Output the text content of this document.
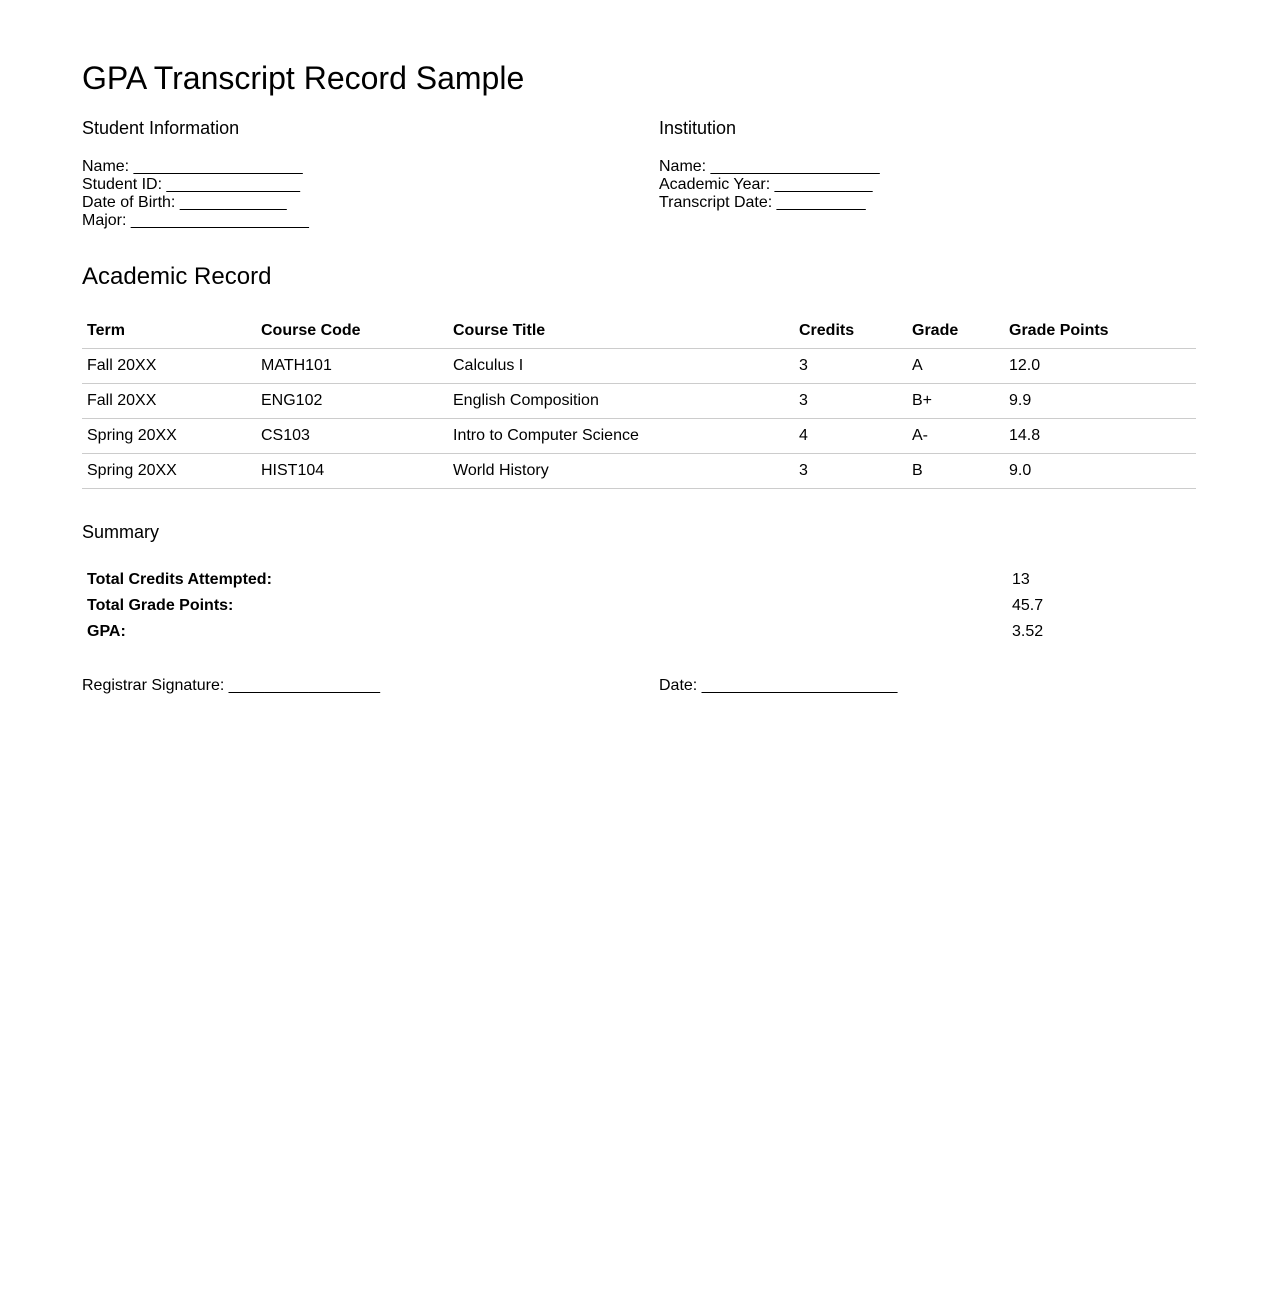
GPA Transcript Record Sample
Student Information
Name: ___________________
Student ID: _______________
Date of Birth: ____________
Major: ____________________
Institution
Name: ___________________
Academic Year: ___________
Transcript Date: __________
Academic Record
Term	Course Code	Course Title	Credits	Grade	Grade Points
Fall 20XX	MATH101	Calculus I	3	A	12.0
Fall 20XX	ENG102	English Composition	3	B+	9.9
Spring 20XX	CS103	Intro to Computer Science	4	A-	14.8
Spring 20XX	HIST104	World History	3	B	9.0
Summary
Total Credits Attempted:	13
Total Grade Points:	45.7
GPA:	3.52
Registrar Signature: _________________	Date: ______________________
